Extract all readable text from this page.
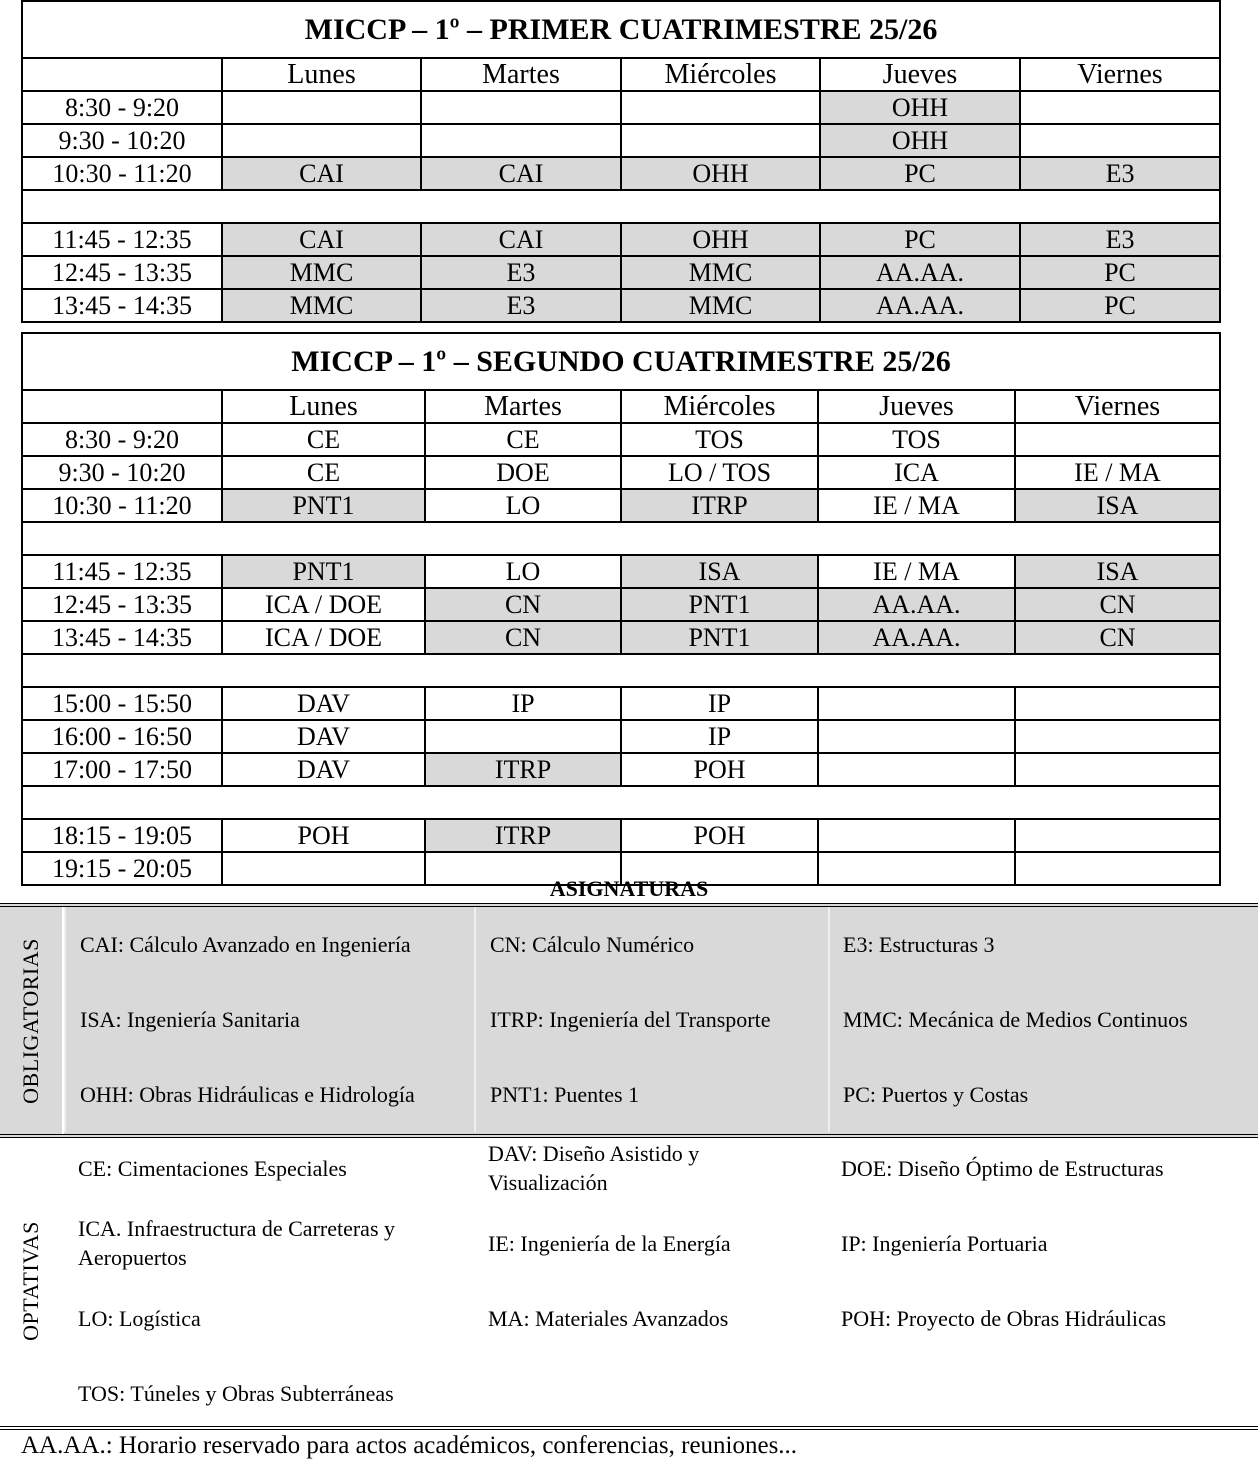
MICCP – 1º – PRIMER CUATRIMESTRE 25/26					
	Lunes	Martes	Miércoles	Jueves	Viernes
8:30 - 9:20				OHH	
9:30 - 10:20				OHH	
10:30 - 11:20	CAI	CAI	OHH	PC	E3

11:45 - 12:35	CAI	CAI	OHH	PC	E3
12:45 - 13:35	MMC	E3	MMC	AA.AA.	PC
13:45 - 14:35	MMC	E3	MMC	AA.AA.	PC
MICCP – 1º – SEGUNDO CUATRIMESTRE 25/26					
	Lunes	Martes	Miércoles	Jueves	Viernes
8:30 - 9:20	CE	CE	TOS	TOS	
9:30 - 10:20	CE	DOE	LO / TOS	ICA	IE / MA
10:30 - 11:20	PNT1	LO	ITRP	IE / MA	ISA

11:45 - 12:35	PNT1	LO	ISA	IE / MA	ISA
12:45 - 13:35	ICA / DOE	CN	PNT1	AA.AA.	CN
13:45 - 14:35	ICA / DOE	CN	PNT1	AA.AA.	CN

15:00 - 15:50	DAV	IP	IP		
16:00 - 16:50	DAV		IP		
17:00 - 17:50	DAV	ITRP	POH		

18:15 - 19:05	POH	ITRP	POH		
19:15 - 20:05					
ASIGNATURAS
OBLIGATORIAS	CAI: Cálculo Avanzado en Ingeniería	CN: Cálculo Numérico	E3: Estructuras 3
ISA: Ingeniería Sanitaria	ITRP: Ingeniería del Transporte	MMC: Mecánica de Medios Continuos
OHH: Obras Hidráulicas e Hidrología	PNT1: Puentes 1	PC: Puertos y Costas
OPTATIVAS
CE: Cimentaciones Especiales
DAV: Diseño Asistido y Visualización
DOE: Diseño Óptimo de Estructuras
ICA. Infraestructura de Carreteras y Aeropuertos
IE: Ingeniería de la Energía	IP: Ingeniería Portuaria
LO: Logística	MA: Materiales Avanzados	POH: Proyecto de Obras Hidráulicas
TOS: Túneles y Obras Subterráneas
AA.AA.: Horario reservado para actos académicos, conferencias, reuniones...
